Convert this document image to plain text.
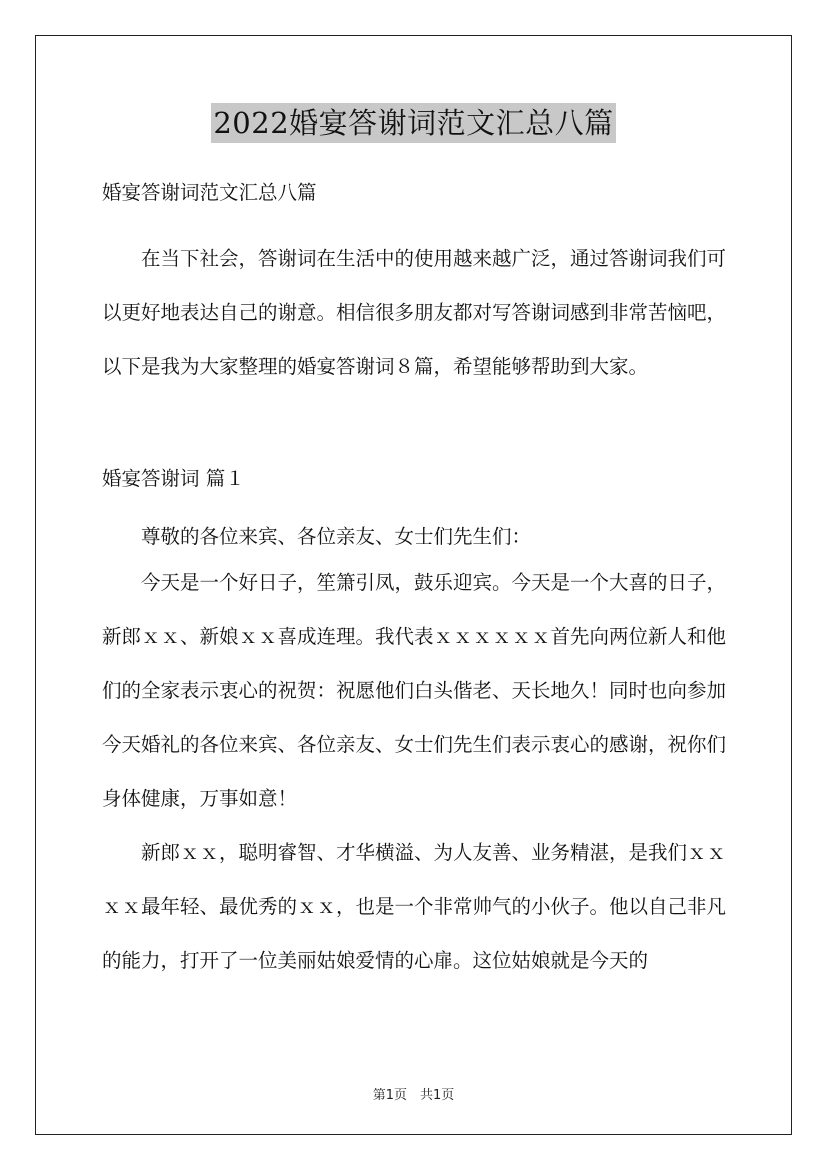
2022婚宴答谢词范文汇总八篇

婚宴答谢词范文汇总八篇

在当下社会，答谢词在生活中的使用越来越广泛，通过答谢词我们可以更好地表达自己的谢意。相信很多朋友都对写答谢词感到非常苦恼吧，以下是我为大家整理的婚宴答谢词８篇，希望能够帮助到大家。

婚宴答谢词 篇１

尊敬的各位来宾、各位亲友、女士们先生们：

今天是一个好日子，笙箫引凤，鼓乐迎宾。今天是一个大喜的日子，新郎ｘｘ、新娘ｘｘ喜成连理。我代表ｘｘｘｘｘｘ首先向两位新人和他们的全家表示衷心的祝贺：祝愿他们白头偕老、天长地久！同时也向参加今天婚礼的各位来宾、各位亲友、女士们先生们表示衷心的感谢，祝你们身体健康，万事如意！

新郎ｘｘ，聪明睿智、才华横溢、为人友善、业务精湛，是我们ｘｘｘｘ最年轻、最优秀的ｘｘ，也是一个非常帅气的小伙子。他以自己非凡的能力，打开了一位美丽姑娘爱情的心扉。这位姑娘就是今天的

第1页　共1页
